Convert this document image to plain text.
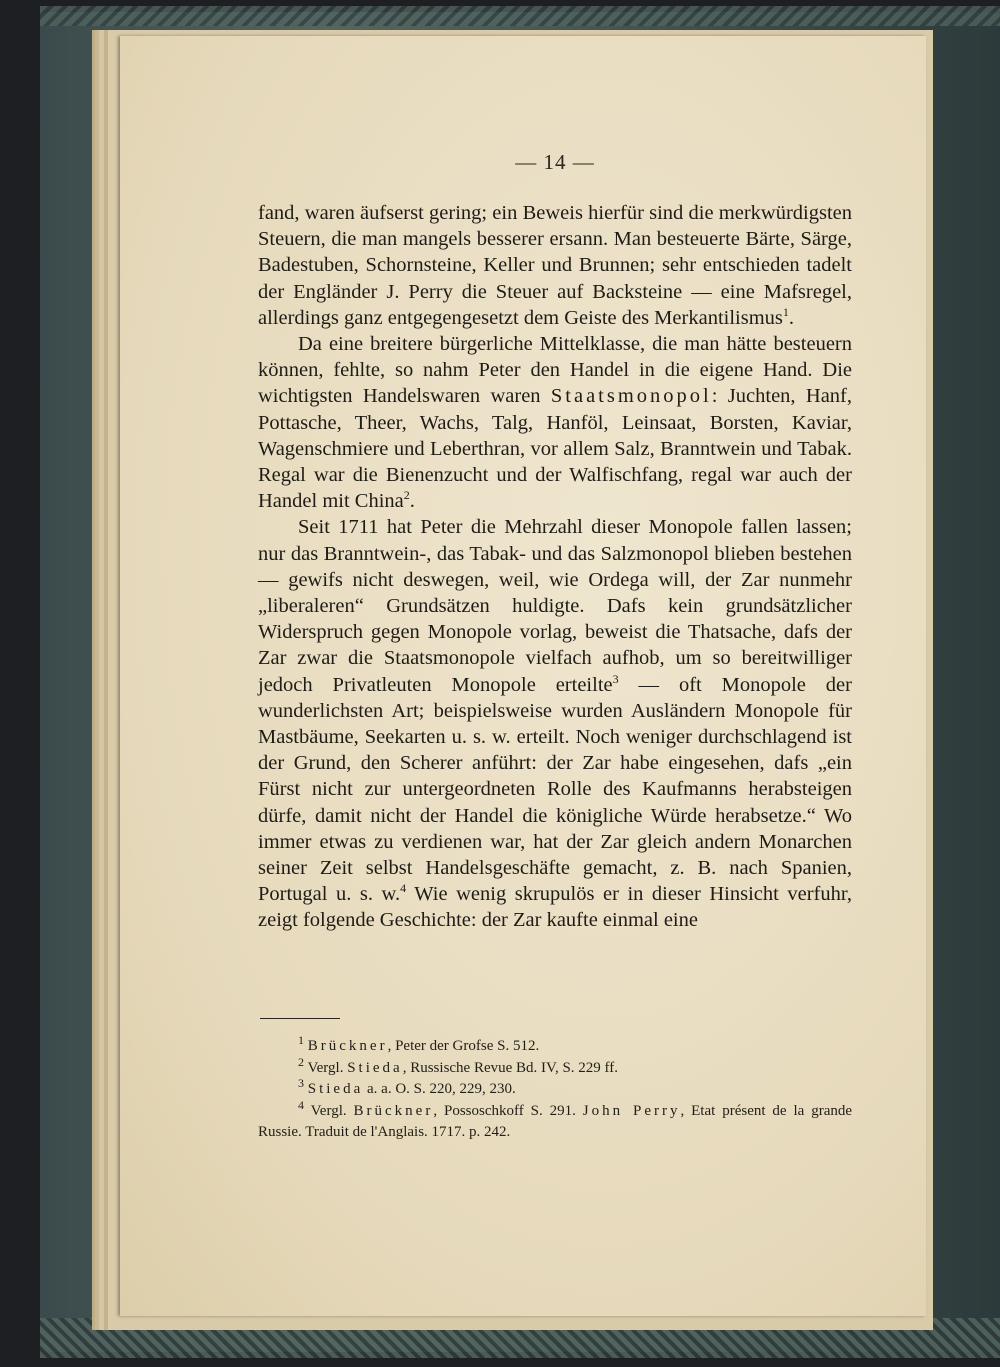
— 14 —

fand, waren äufserst gering; ein Beweis hierfür sind die merkwürdigsten Steuern, die man mangels besserer ersann. Man besteuerte Bärte, Särge, Badestuben, Schornsteine, Keller und Brunnen; sehr entschieden tadelt der Engländer J. Perry die Steuer auf Backsteine — eine Mafsregel, allerdings ganz entgegengesetzt dem Geiste des Merkantilismus$^1$.

Da eine breitere bürgerliche Mittelklasse, die man hätte besteuern können, fehlte, so nahm Peter den Handel in die eigene Hand. Die wichtigsten Handelswaren waren Staatsmonopol: Juchten, Hanf, Pottasche, Theer, Wachs, Talg, Hanföl, Leinsaat, Borsten, Kaviar, Wagenschmiere und Leberthran, vor allem Salz, Branntwein und Tabak. Regal war die Bienenzucht und der Walfischfang, regal war auch der Handel mit China$^2$.

Seit 1711 hat Peter die Mehrzahl dieser Monopole fallen lassen; nur das Branntwein-, das Tabak- und das Salzmonopol blieben bestehen — gewifs nicht deswegen, weil, wie Ordega will, der Zar nunmehr „liberaleren“ Grundsätzen huldigte. Dafs kein grundsätzlicher Widerspruch gegen Monopole vorlag, beweist die Thatsache, dafs der Zar zwar die Staatsmonopole vielfach aufhob, um so bereitwilliger jedoch Privatleuten Monopole erteilte$^3$ — oft Monopole der wunderlichsten Art; beispielsweise wurden Ausländern Monopole für Mastbäume, Seekarten u. s. w. erteilt. Noch weniger durchschlagend ist der Grund, den Scherer anführt: der Zar habe eingesehen, dafs „ein Fürst nicht zur untergeordneten Rolle des Kaufmanns herabsteigen dürfe, damit nicht der Handel die königliche Würde herabsetze.“ Wo immer etwas zu verdienen war, hat der Zar gleich andern Monarchen seiner Zeit selbst Handelsgeschäfte gemacht, z. B. nach Spanien, Portugal u. s. w.$^4$ Wie wenig skrupulös er in dieser Hinsicht verfuhr, zeigt folgende Geschichte: der Zar kaufte einmal eine

$^1$ Brückner, Peter der Grofse S. 512.

$^2$ Vergl. Stieda, Russische Revue Bd. IV, S. 229 ff.

$^3$ Stieda a. a. O. S. 220, 229, 230.

$^4$ Vergl. Brückner, Possoschkoff S. 291. John Perry, Etat présent de la grande Russie. Traduit de l'Anglais. 1717. p. 242.
